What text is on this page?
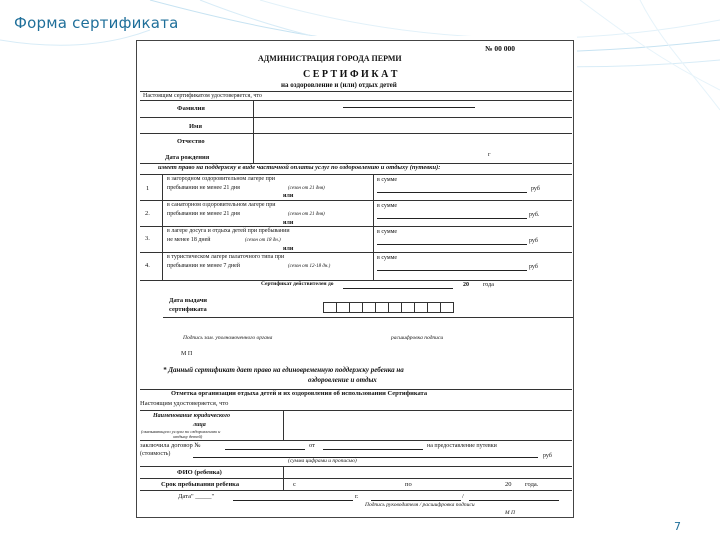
Форма сертификата
№ 00 000
АДМИНИСТРАЦИЯ ГОРОДА ПЕРМИ
С Е Р Т И Ф И К А Т
на оздоровление и (или) отдых детей
Настоящим сертификатом удостоверяется, что
Фамилия
Имя
Отчество
Дата рождения	г
имеет право на поддержку в виде частичной оплаты услуг по оздоровлению и отдыху (путевки):
1
в загородном оздоровительном лагере при
пребывании не менее 21 дня	(сезон от 21 дня)
в сумме
руб
или
2.
в санаторном оздоровительном лагере при
пребывании не менее 21 дня	(сезон от 21 дня)
в сумме
руб.
или
3.
в лагере досуга и отдыха детей при пребывании
не менее 18 дней	(сезон от 18 дн.)
в сумме
руб
или
4.
в туристическом лагере палаточного типа при
пребывании не менее 7 дней	(сезон от 12-18 дн.)
в сумме
руб
Сертификат действителен до	20 года
Дата выдачи
сертификата
Подпись зам. уполномоченного органа	расшифровка подписи
М П
* Данный сертификат дает право на единовременную поддержку ребенка на
оздоровление и отдых
Отметка организации отдыха детей и их оздоровления об использовании Сертификата
Настоящим удостоверяется, что
Наименование юридического
лица
(оказывающего услуги по оздоровлению и
отдыху детей)
заключила договор №	от	на предоставление путевки
(стоимость)	руб
(сумма цифрами и прописью)
ФИО (ребенка)
Срок пребывания ребенка	с	по	20 года.
Дата" _____"	г.	/
Подпись руководителя / расшифровка подписи
М П
7
